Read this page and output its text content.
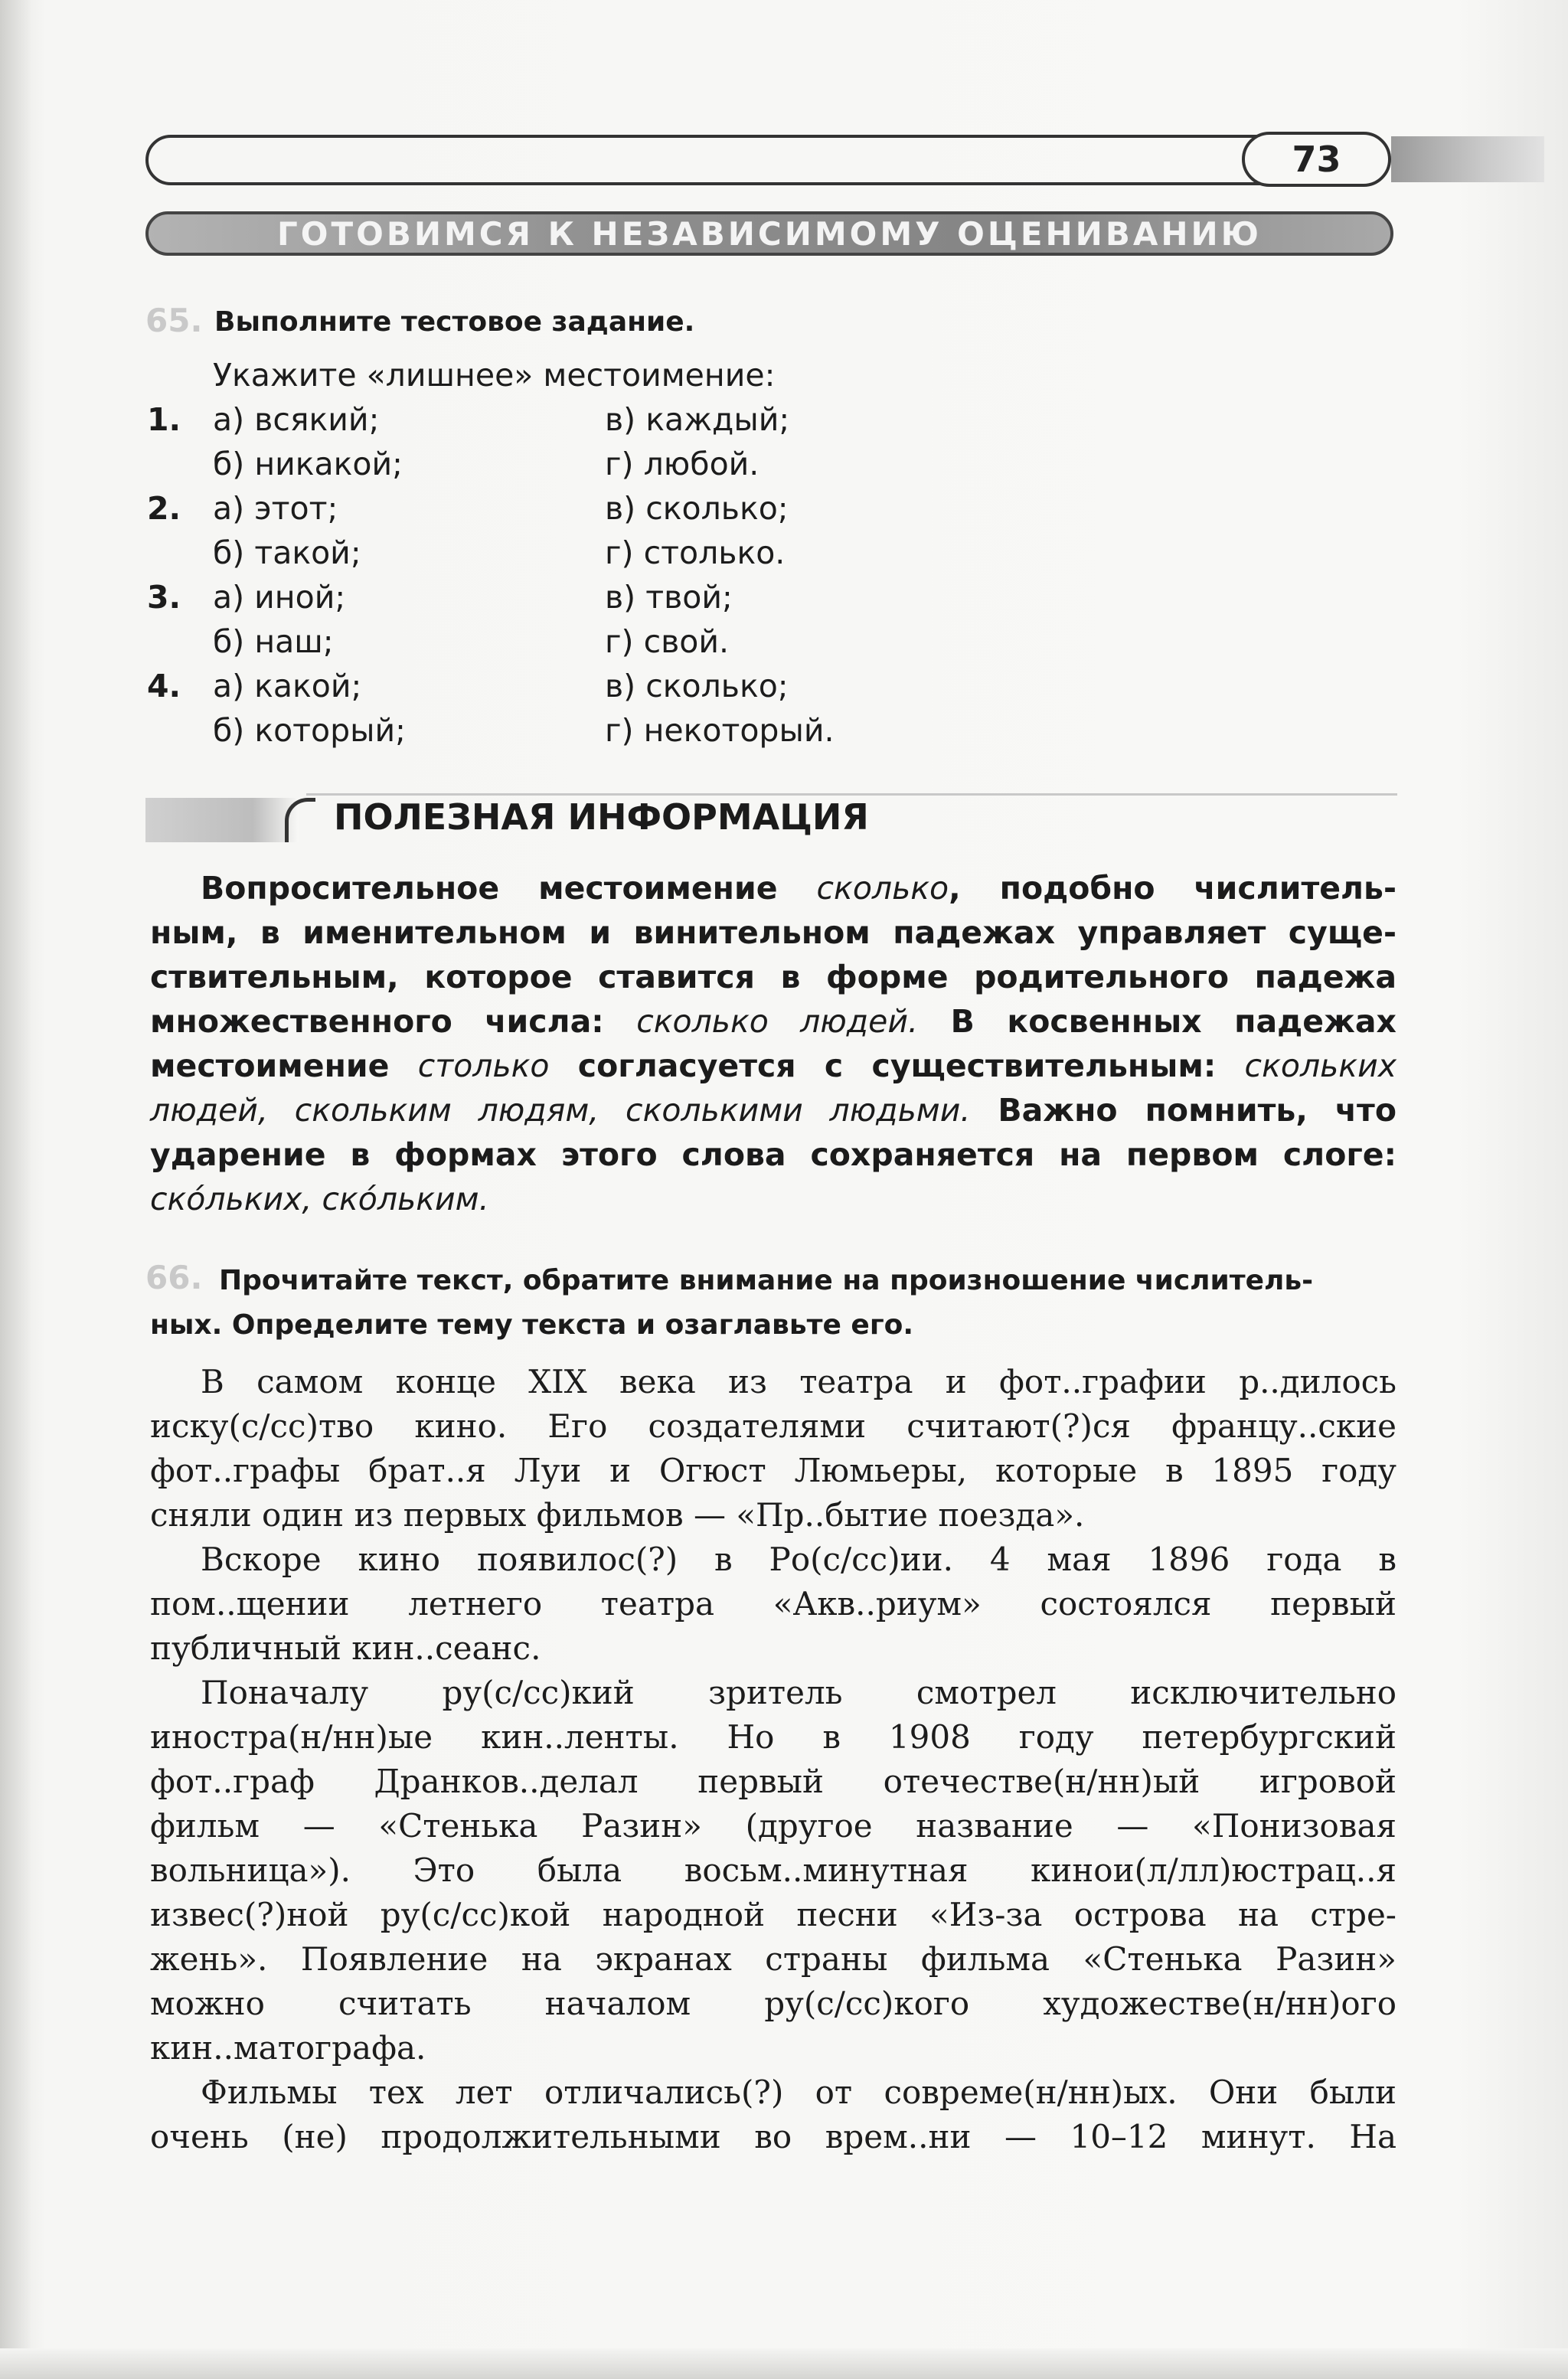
73
ГОТОВИМСЯ К НЕЗАВИСИМОМУ ОЦЕНИВАНИЮ
65. Выполните тестовое задание.
Укажите «лишнее» местоимение:
1. а) всякий;	в) каждый;
б) никакой;	г) любой.
2. а) этот;	в) сколько;
б) такой;	г) столько.
3. а) иной;	в) твой;
б) наш;	г) свой.
4. а) какой;	в) сколько;
б) который;	г) некоторый.
ПОЛЕЗНАЯ ИНФОРМАЦИЯ
Вопросительное местоимение сколько, подобно числитель-
ным, в именительном и винительном падежах управляет суще-
ствительным, которое ставится в форме родительного падежа
множественного числа: сколько людей. В косвенных падежах
местоимение столько согласуется с существительным: скольких
людей, скольким людям, сколькими людьми. Важно помнить, что
ударение в формах этого слова сохраняется на первом слоге:
ско́льких, ско́льким.
66. Прочитайте текст, обратите внимание на произношение числитель-
ных. Определите тему текста и озаглавьте его.
В самом конце XIX века из театра и фот..графии р..дилось
иску(с/сс)тво кино. Его создателями считают(?)ся францу..ские
фот..графы брат..я Луи и Огюст Люмьеры, которые в 1895 году
сняли один из первых фильмов — «Пр..бытие поезда».
Вскоре кино появилос(?) в Ро(с/сс)ии. 4 мая 1896 года в
пом..щении летнего театра «Акв..риум» состоялся первый
публичный кин..сеанс.
Поначалу ру(с/сс)кий зритель смотрел исключительно
иностра(н/нн)ые кин..ленты. Но в 1908 году петербургский
фот..граф Дранков..делал первый отечестве(н/нн)ый игровой
фильм — «Стенька Разин» (другое название — «Понизовая
вольница»). Это была восьм..минутная кинои(л/лл)юстрац..я
извес(?)ной ру(с/сс)кой народной песни «Из-за острова на стре-
жень». Появление на экранах страны фильма «Стенька Разин»
можно считать началом ру(с/сс)кого художестве(н/нн)ого
кин..матографа.
Фильмы тех лет отличались(?) от совреме(н/нн)ых. Они были
очень (не) продолжительными во врем..ни — 10–12 минут. На
